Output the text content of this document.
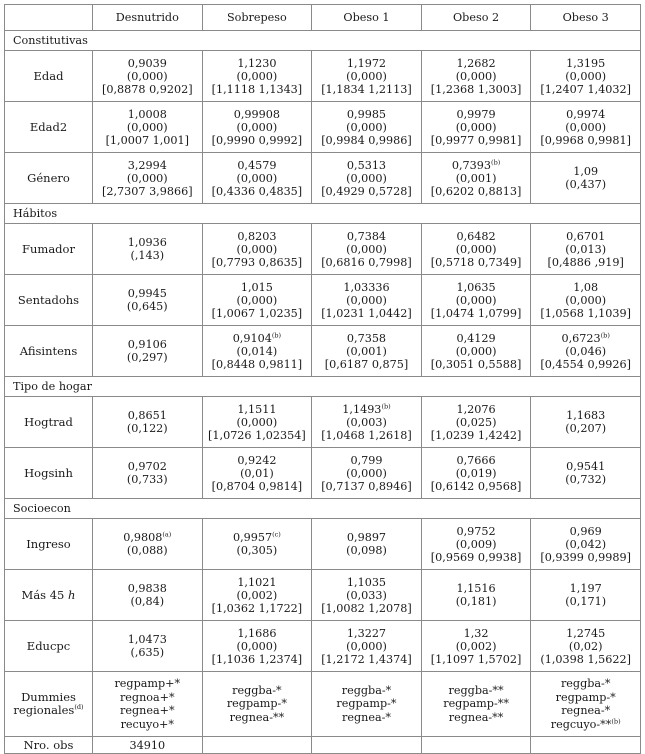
	Desnutrido	Sobrepeso	Obeso 1	Obeso 2	Obeso 3
Constitutivas					
Edad	0,9039
(0,000)
[0,8878 0,9202]	1,1230
(0,000)
[1,1118 1,1343]	1,1972
(0,000)
[1,1834 1,2113]	1,2682
(0,000)
[1,2368 1,3003]	1,3195
(0,000)
[1,2407 1,4032]

Edad2	1,0008
(0,000)
[1,0007 1,001]	0,99908
(0,000)
[0,9990 0,9992]	0,9985
(0,000)
[0,9984 0,9986]	0,9979
(0,000)
[0,9977 0,9981]	0,9974
(0,000)
[0,9968 0,9981]

Género	3,2994
(0,000)
[2,7307 3,9866]	0,4579
(0,000)
[0,4336 0,4835]	0,5313
(0,000)
[0,4929 0,5728]	0,7393$^{(b)}$
(0,001)
[0,6202 0,8813]	1,09
(0,437)

Hábitos					
Fumador	1,0936
(,143)	0,8203
(0,000)
[0,7793 0,8635]	0,7384
(0,000)
[0,6816 0,7998]	0,6482
(0,000)
[0,5718 0,7349]	0,6701
(0,013)
[0,4886 ,919]

Sentadohs	0,9945
(0,645)	1,015
(0,000)
[1,0067 1,0235]	1,03336
(0,000)
[1,0231 1,0442]	1,0635
(0,000)
[1,0474 1,0799]	1,08
(0,000)
[1,0568 1,1039]

Afisintens	0,9106
(0,297)	0,9104$^{(b)}$
(0,014)
[0,8448 0,9811]	0,7358
(0,001)
[0,6187 0,875]	0,4129
(0,000)
[0,3051 0,5588]	0,6723$^{(b)}$
(0,046)
[0,4554 0,9926]

Tipo de hogar					
Hogtrad	0,8651
(0,122)	1,1511
(0,000)
[1,0726 1,02354]	1,1493$^{(b)}$
(0,003)
[1,0468 1,2618]	1,2076
(0,025)
[1,0239 1,4242]	1,1683
(0,207)

Hogsinh	0,9702
(0,733)	0,9242
(0,01)
[0,8704 0,9814]	0,799
(0,000)
[0,7137 0,8946]	0,7666
(0,019)
[0,6142 0,9568]	0,9541
(0,732)

Socioecon					
Ingreso	0,9808$^{(a)}$
(0,088)	0,9957$^{(c)}$
(0,305)	0,9897
(0,098)	0,9752
(0,009)
[0,9569 0,9938]	0,969
(0,042)
[0,9399 0,9989]

Más 45 h	0,9838
(0,84)	1,1021
(0,002)
[1,0362 1,1722]	1,1035
(0,033)
[1,0082 1,2078]	1,1516
(0,181)	1,197
(0,171)

Educpc	1,0473
(,635)	1,1686
(0,000)
[1,1036 1,2374]	1,3227
(0,000)
[1,2172 1,4374]	1,32
(0,002)
[1,1097 1,5702]	1,2745
(0,02)
(1,0398 1,5622]

Dummies
regionales$^{(d)}$	regpamp+*
regnoa+*
regnea+*
recuyo+*	reggba-*
regpamp-*
regnea-**	reggba-*
regpamp-*
regnea-*	reggba-**
regpamp-**
regnea-**	reggba-*
regpamp-*
regnea-*
regcuyo-**$^{(b)}$

Nro. obs	34910				
